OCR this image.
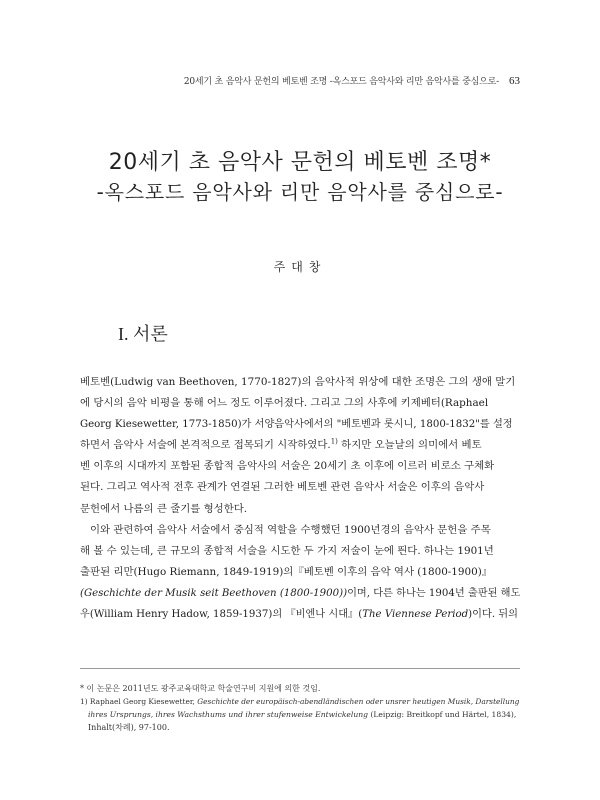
20세기 초 음악사 문헌의 베토벤 조명 -옥스포드 음악사와 리만 음악사를 중심으로- 63
20세기 초 음악사 문헌의 베토벤 조명*
-옥스포드 음악사와 리만 음악사를 중심으로-
주대창
I. 서론
베토벤(Ludwig van Beethoven, 1770-1827)의 음악사적 위상에 대한 조명은 그의 생애 말기
에 당시의 음악 비평을 통해 어느 정도 이루어졌다. 그리고 그의 사후에 키제베터(Raphael
Georg Kiesewetter, 1773-1850)가 서양음악사에서의 "베토벤과 롯시니, 1800-1832"를 설정
하면서 음악사 서술에 본격적으로 접목되기 시작하였다.$^{1)}$ 하지만 오늘날의 의미에서 베토
벤 이후의 시대까지 포함된 종합적 음악사의 서술은 20세기 초 이후에 이르러 비로소 구체화
된다. 그리고 역사적 전후 관계가 연결된 그러한 베토벤 관련 음악사 서술은 이후의 음악사
문헌에서 나름의 큰 줄기를 형성한다.
이와 관련하여 음악사 서술에서 중심적 역할을 수행했던 1900년경의 음악사 문헌을 주목
해 볼 수 있는데, 큰 규모의 종합적 서술을 시도한 두 가지 저술이 눈에 띈다. 하나는 1901년
출판된 리만(Hugo Riemann, 1849-1919)의『베토벤 이후의 음악 역사 (1800-1900)』
(Geschichte der Musik seit Beethoven (1800-1900))이며, 다른 하나는 1904년 출판된 해도
우(William Henry Hadow, 1859-1937)의 『비엔나 시대』(The Viennese Period)이다. 뒤의
* 이 논문은 2011년도 광주교육대학교 학술연구비 지원에 의한 것임.
1) Raphael Georg Kiesewetter, Geschichte der europäisch-abendländischen oder unsrer heutigen Musik, Darstellung
ihres Ursprungs, ihres Wachsthums und ihrer stufenweise Entwickelung (Leipzig: Breitkopf und Härtel, 1834),
Inhalt(차례), 97-100.
